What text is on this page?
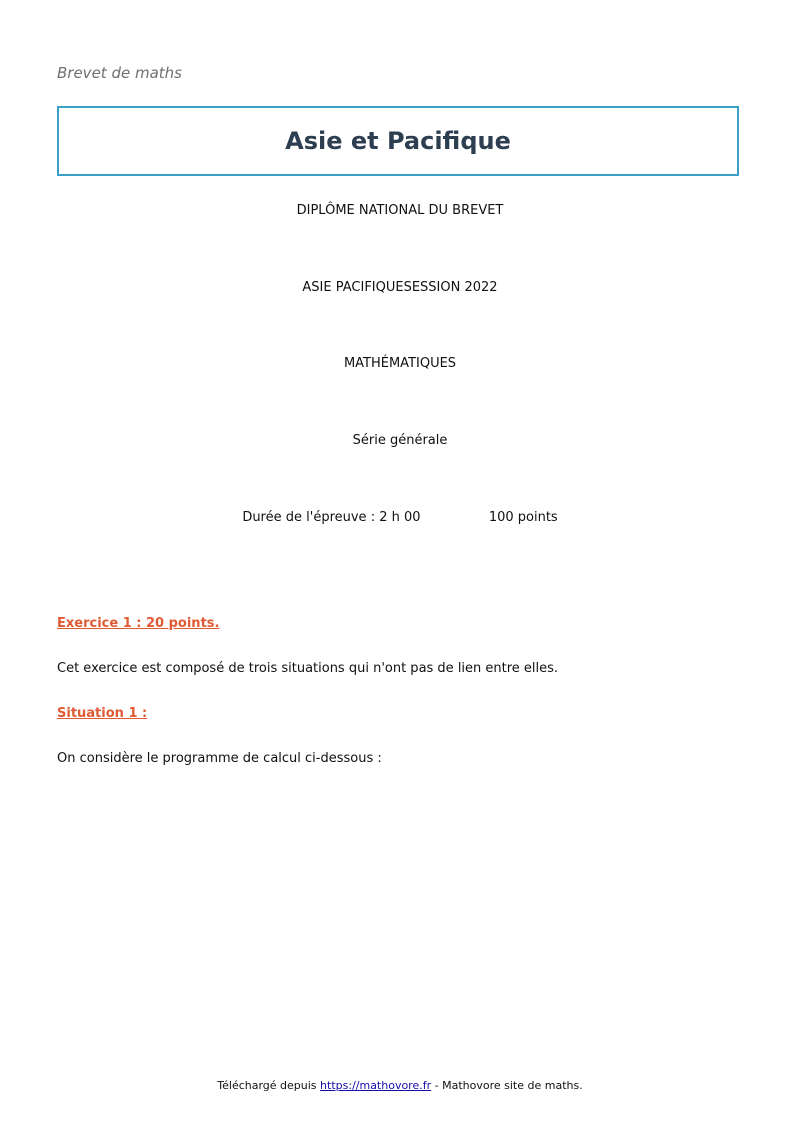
Brevet de maths
Asie et Pacifique
DIPLÔME NATIONAL DU BREVET
ASIE PACIFIQUESESSION 2022
MATHÉMATIQUES
Série générale
Durée de l'épreuve : 2 h 00	100 points
Exercice 1 : 20 points.
Cet exercice est composé de trois situations qui n'ont pas de lien entre elles.
Situation 1 :
On considère le programme de calcul ci-dessous :
Téléchargé depuis https://mathovore.fr - Mathovore site de maths.
